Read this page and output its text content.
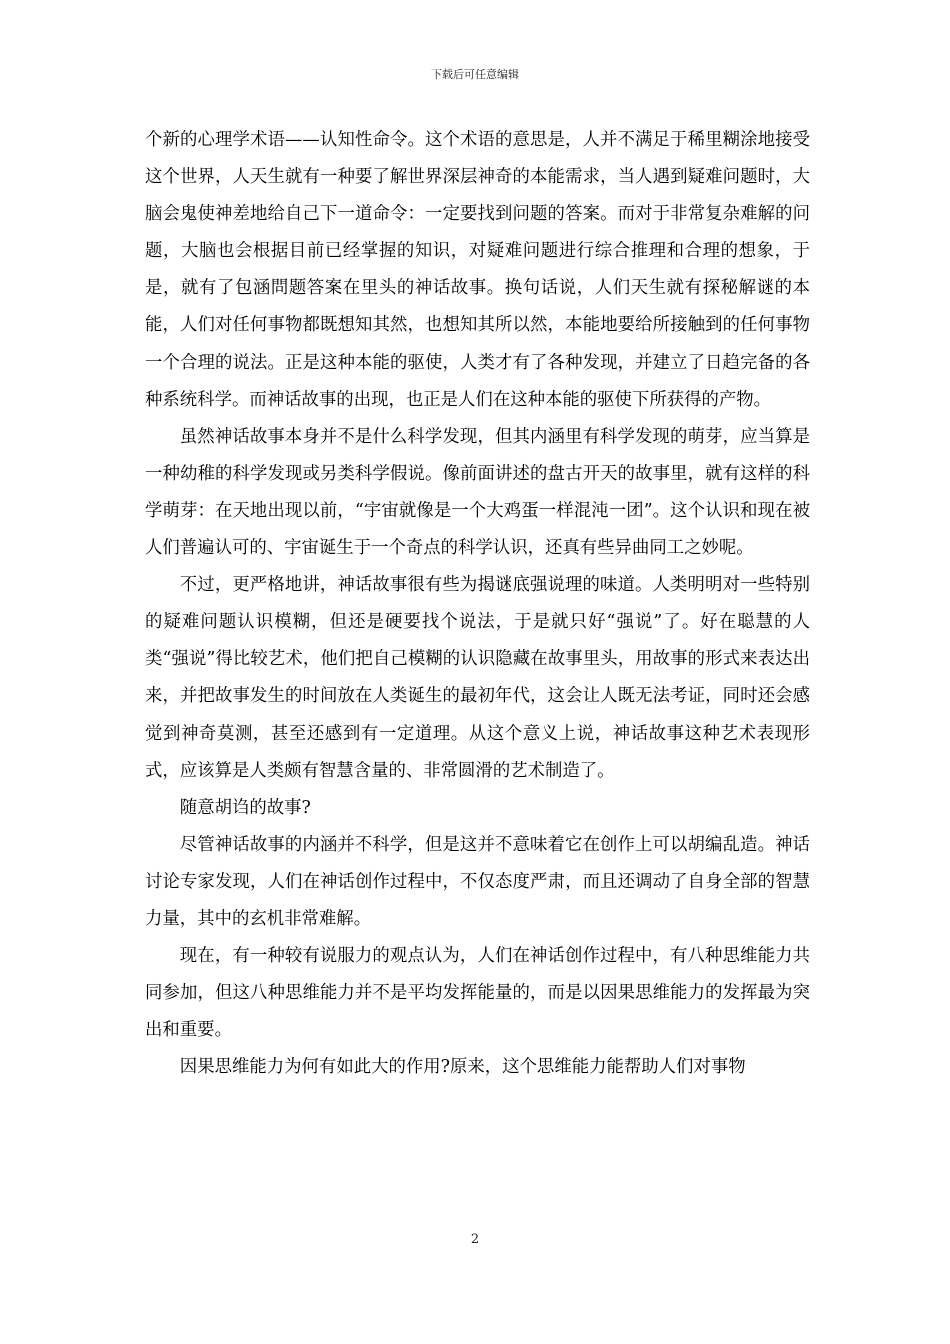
下载后可任意编辑

个新的心理学术语——认知性命令。这个术语的意思是，人并不满足于稀里糊涂地接受这个世界，人天生就有一种要了解世界深层神奇的本能需求，当人遇到疑难问题时，大脑会鬼使神差地给自己下一道命令：一定要找到问题的答案。而对于非常复杂难解的问题，大脑也会根据目前已经掌握的知识，对疑难问题进行综合推理和合理的想象，于是，就有了包涵問题答案在里头的神话故事。换句话说，人们天生就有探秘解谜的本能，人们对任何事物都既想知其然，也想知其所以然，本能地要给所接触到的任何事物一个合理的说法。正是这种本能的驱使，人类才有了各种发现，并建立了日趋完备的各种系统科学。而神话故事的出现，也正是人们在这种本能的驱使下所获得的产物。

虽然神话故事本身并不是什么科学发现，但其内涵里有科学发现的萌芽，应当算是一种幼稚的科学发现或另类科学假说。像前面讲述的盘古开天的故事里，就有这样的科学萌芽：在天地出现以前，“宇宙就像是一个大鸡蛋一样混沌一团”。这个认识和现在被人们普遍认可的、宇宙诞生于一个奇点的科学认识，还真有些异曲同工之妙呢。

不过，更严格地讲，神话故事很有些为揭谜底强说理的味道。人类明明对一些特别的疑难问题认识模糊，但还是硬要找个说法，于是就只好“强说”了。好在聪慧的人类“强说”得比较艺术，他们把自己模糊的认识隐藏在故事里头，用故事的形式来表达出来，并把故事发生的时间放在人类诞生的最初年代，这会让人既无法考证，同时还会感觉到神奇莫测，甚至还感到有一定道理。从这个意义上说，神话故事这种艺术表现形式，应该算是人类颇有智慧含量的、非常圆滑的艺术制造了。

随意胡诌的故事?

尽管神话故事的内涵并不科学，但是这并不意味着它在创作上可以胡编乱造。神话讨论专家发现，人们在神话创作过程中，不仅态度严肃，而且还调动了自身全部的智慧力量，其中的玄机非常难解。

现在，有一种较有说服力的观点认为，人们在神话创作过程中，有八种思维能力共同参加，但这八种思维能力并不是平均发挥能量的，而是以因果思维能力的发挥最为突出和重要。

因果思维能力为何有如此大的作用?原来，这个思维能力能帮助人们对事物

2
